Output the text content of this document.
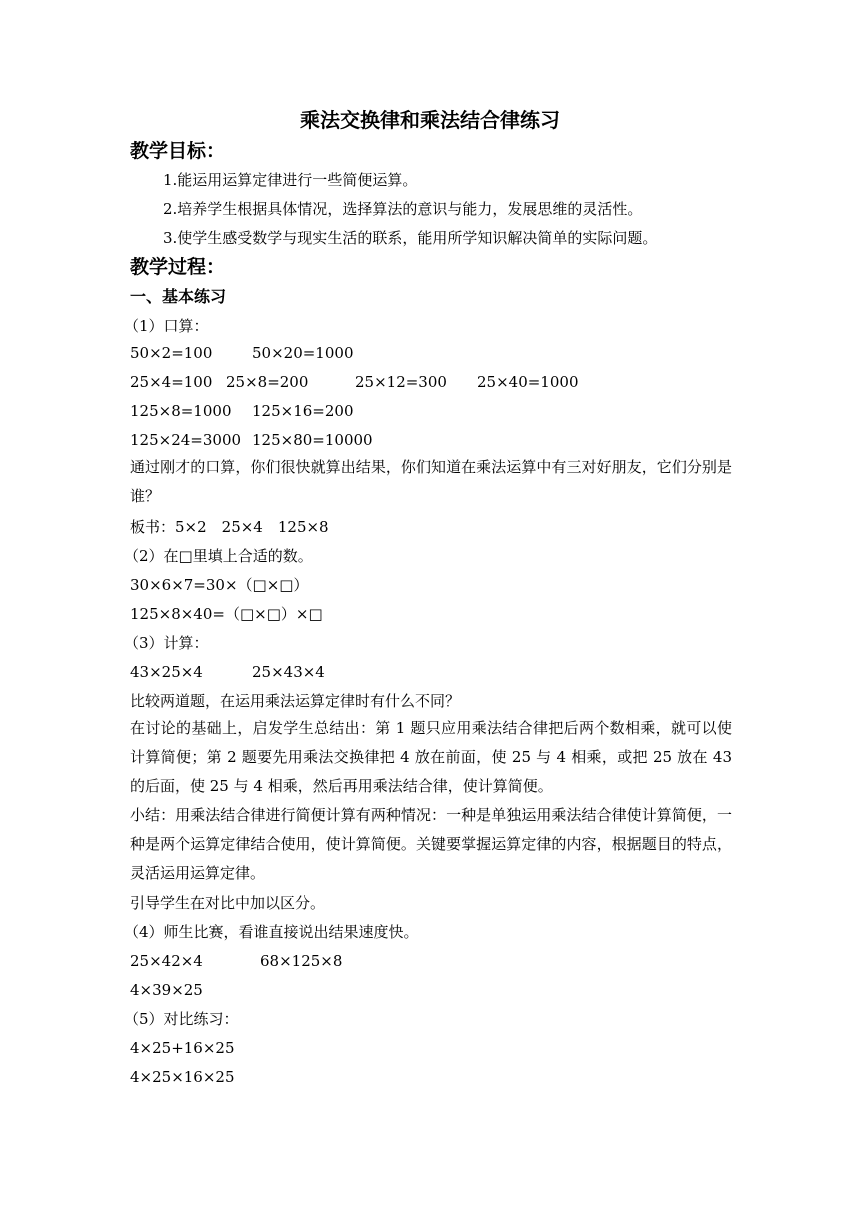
乘法交换律和乘法结合律练习
教学目标：
1.能运用运算定律进行一些简便运算。
2.培养学生根据具体情况，选择算法的意识与能力，发展思维的灵活性。
3.使学生感受数学与现实生活的联系，能用所学知识解决简单的实际问题。
教学过程：
一、基本练习
（1）口算：
50×2=100	50×20=1000
25×4=100 25×8=200	25×12=300 25×40=1000
125×8=1000 125×16=200
125×24=3000 125×80=10000
通过刚才的口算，你们很快就算出结果，你们知道在乘法运算中有三对好朋友，它们分别是谁？
板书：5×2　25×4　125×8
（2）在□里填上合适的数。
30×6×7=30×（□×□）
125×8×40=（□×□）×□
（3）计算：
43×25×4	25×43×4
比较两道题，在运用乘法运算定律时有什么不同？
在讨论的基础上，启发学生总结出：第 1 题只应用乘法结合律把后两个数相乘，就可以使计算简便；第 2 题要先用乘法交换律把 4 放在前面，使 25 与 4 相乘，或把 25 放在 43 的后面，使 25 与 4 相乘，然后再用乘法结合律，使计算简便。
小结：用乘法结合律进行简便计算有两种情况：一种是单独运用乘法结合律使计算简便，一种是两个运算定律结合使用，使计算简便。关键要掌握运算定律的内容，根据题目的特点，灵活运用运算定律。
引导学生在对比中加以区分。
（4）师生比赛，看谁直接说出结果速度快。
25×42×4	68×125×8
4×39×25
（5）对比练习：
4×25+16×25
4×25×16×25
